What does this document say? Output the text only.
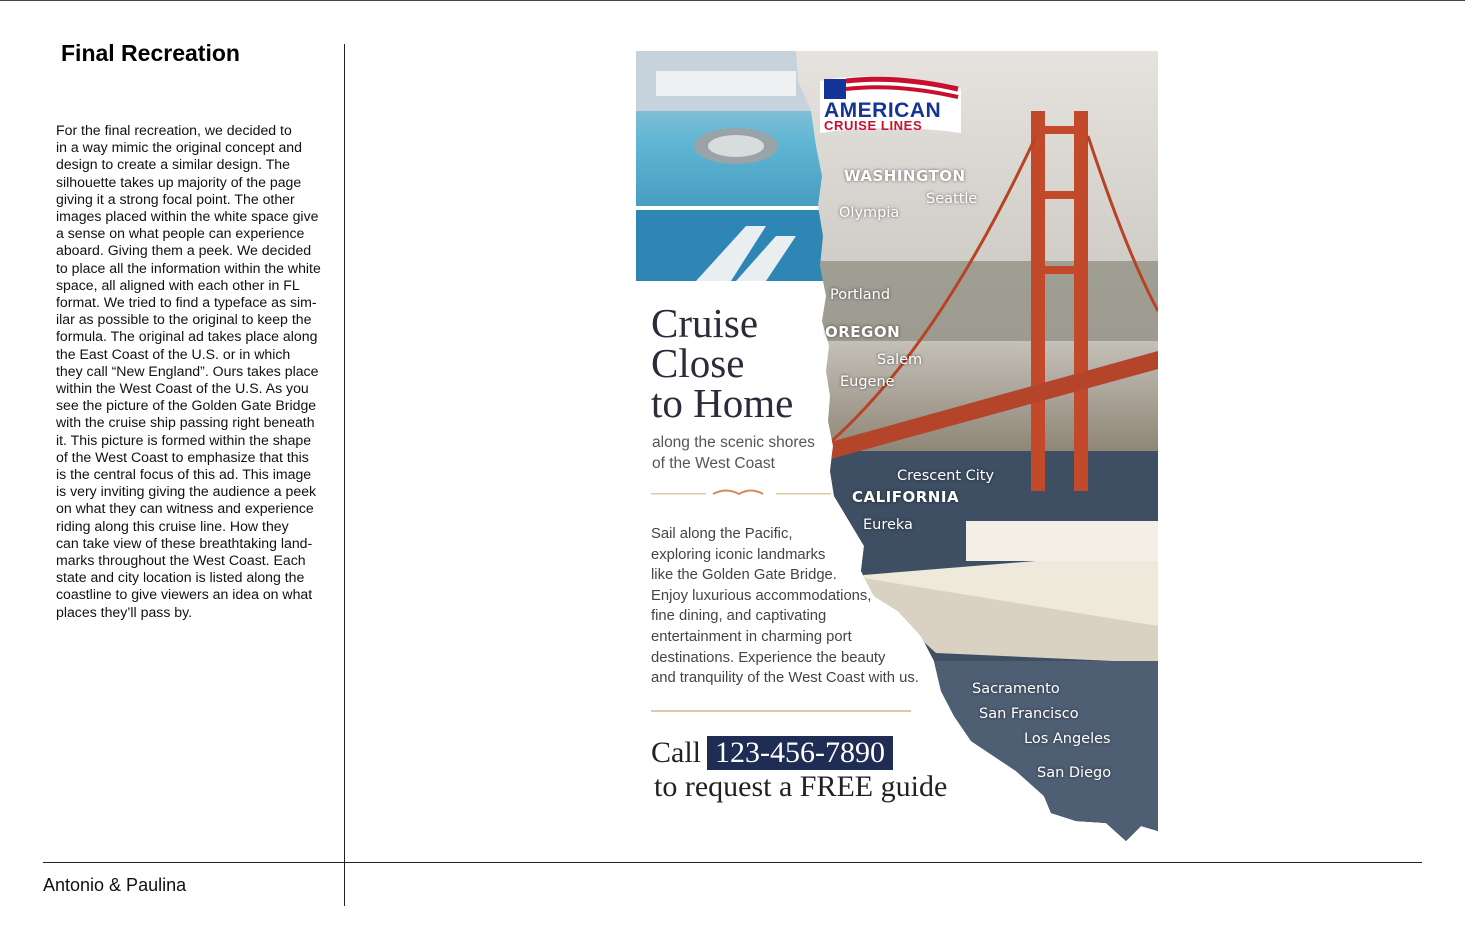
Final Recreation
For the final recreation, we decided to
in a way mimic the original concept and
design to create a similar design. The
silhouette takes up majority of the page
giving it a strong focal point. The other
images placed within the white space give
a sense on what people can experience
aboard. Giving them a peek. We decided
to place all the information within the white
space, all aligned with each other in FL
format. We tried to find a typeface as sim-
ilar as possible to the original to keep the
formula. The original ad takes place along
the East Coast of the U.S. or in which
they call “New England”. Ours takes place
within the West Coast of the U.S. As you
see the picture of the Golden Gate Bridge
with the cruise ship passing right beneath
it. This picture is formed within the shape
of the West Coast to emphasize that this
is the central focus of this ad. This image
is very inviting giving the audience a peek
on what they can witness and experience
riding along this cruise line. How they
can take view of these breathtaking land-
marks throughout the West Coast. Each
state and city location is listed along the
coastline to give viewers an idea on what
places they’ll pass by.
Antonio & Paulina
AMERICAN
CRUISE LINES
Cruise
Close
to Home
along the scenic shores
of the West Coast
Sail along the Pacific,
exploring iconic landmarks
like the Golden Gate Bridge.
Enjoy luxurious accommodations,
fine dining, and captivating
entertainment in charming port
destinations. Experience the beauty
and tranquility of the West Coast with us.
Call 123-456-7890
to request a FREE guide
WASHINGTON
Seattle
Olympia
Portland
OREGON
Salem
Eugene
Crescent City
CALIFORNIA
Eureka
Sacramento
San Francisco
Los Angeles
San Diego
